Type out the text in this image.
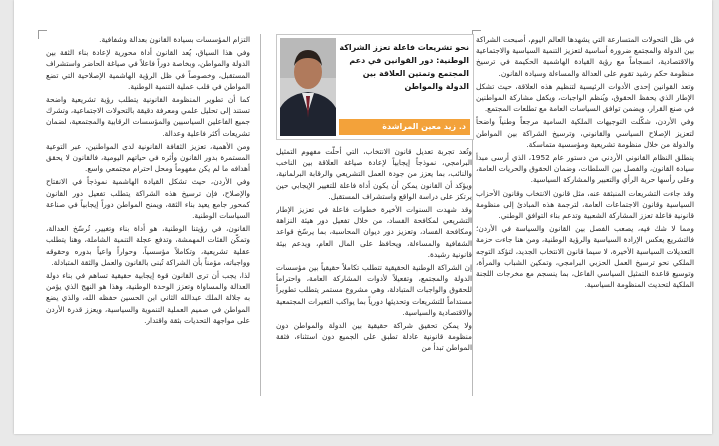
في ظل التحولات المتسارعة التي يشهدها العالم اليوم، أصبحت الشراكة بين الدولة والمجتمع ضرورة أساسية لتعزيز التنمية السياسية والاجتماعية والاقتصادية، انسجاماً مع رؤية القيادة الهاشمية الحكيمة في ترسيخ منظومة حكم رشيد تقوم على العدالة والمساءلة وسيادة القانون.

وتعد القوانين إحدى الأدوات الرئيسية لتنظيم هذه العلاقة، حيث تشكل الإطار الذي يحفظ الحقوق، ويُنظم الواجبات، ويكفل مشاركة المواطنين في صنع القرار، ويضمن توافق السياسات العامة مع تطلعات المجتمع.

وفي الأردن، شكّلت التوجيهات الملكية السامية مرجعاً وطنياً واضحاً لتعزيز الإصلاح السياسي والقانوني، وترسيخ الشراكة بين المواطن والدولة من خلال منظومة تشريعية ومؤسسية متماسكة.

ينطلق النظام القانوني الأردني من دستور عام 1952، الذي أرسى مبدأ سيادة القانون، والفصل بين السلطات، وضمان الحقوق والحريات العامة، وعلى رأسها حرية الرأي والتعبير والمشاركة السياسية.

وقد جاءت التشريعات المنبثقة عنه، مثل قانون الانتخاب وقانون الأحزاب السياسية وقانون الاجتماعات العامة، لترجمة هذه المبادئ إلى منظومة قانونية فاعلة تعزز المشاركة الشعبية وتدعم بناء التوافق الوطني.

ومما لا شك فيه، يصعب الفصل بين القانون والسياسة في الأردن؛ فالتشريع يعكس الإرادة السياسية والرؤية الوطنية، ومن هنا جاءت حزمة التعديلات السياسية الأخيرة، لا سيما قانون الانتخاب الجديد، لتؤكد التوجه الملكي نحو ترسيخ العمل الحزبي البرامجي، وتمكين الشباب والمرأة، وتوسيع قاعدة التمثيل السياسي الفاعل، بما ينسجم مع مخرجات اللجنة الملكية لتحديث المنظومة السياسية.

نحو تشريعات فاعلة تعزز الشراكة الوطنية: دور القوانين في دعم المجتمع وتمتين العلاقة بين الدولة والمواطن
د. زيد معين المراشدة

وتُعد تجربة تعديل قانون الانتخاب، التي أحلّت مفهوم التمثيل البرامجي، نموذجاً إيجابياً لإعادة صياغة العلاقة بين الناخب والنائب، بما يعزز من جودة العمل التشريعي والرقابة البرلمانية، ويؤكد أن القانون يمكن أن يكون أداة فاعلة للتغيير الإيجابي حين يرتكز على دراسة الواقع واستشراف المستقبل.

وقد شهدت السنوات الأخيرة خطوات فاعلة في تعزيز الإطار التشريعي لمكافحة الفساد، من خلال تفعيل دور هيئة النزاهة ومكافحة الفساد، وتعزيز دور ديوان المحاسبة، بما يرسّخ قواعد الشفافية والمساءلة، ويحافظ على المال العام، ويدعم بيئة قانونية رشيدة.

إن الشراكة الوطنية الحقيقية تتطلب تكاملاً حقيقياً بين مؤسسات الدولة والمجتمع، وتفعيلاً لأدوات المشاركة العامة، واحتراماً للحقوق والواجبات المتبادلة، وهي مشروع مستمر يتطلب تطويراً مستداماً للتشريعات وتحديثها دورياً بما يواكب التغيرات المجتمعية والاقتصادية والسياسية.

ولا يمكن تحقيق شراكة حقيقية بين الدولة والمواطن دون منظومة قانونية عادلة تطبق على الجميع دون استثناء، فثقة المواطن تبدأ من

التزام المؤسسات بسيادة القانون بعدالة وشفافية.

وفي هذا السياق، يُعد القانون أداة محورية لإعادة بناء الثقة بين الدولة والمواطن، وبخاصة دوراً فاعلاً في صياغة الحاضر واستشراف المستقبل، وخصوصاً في ظل الرؤية الهاشمية الإصلاحية التي تضع المواطن في قلب عملية التنمية الوطنية.

كما أن تطوير المنظومة القانونية يتطلب رؤية تشريعية واضحة تستند إلى تحليل علمي ومعرفة دقيقة بالتحولات الاجتماعية، وتشرك جميع الفاعلين السياسيين والمؤسسات الرقابية والمجتمعية، لضمان تشريعات أكثر فاعلية وعدالة.

ومن الأهمية، تعزيز الثقافة القانونية لدى المواطنين، عبر التوعية المستمرة بدور القانون وأثره في حياتهم اليومية، فالقانون لا يحقق أهدافه ما لم يكن مفهوماً ومحل احترام مجتمعي واسع.

وفي الأردن، حيث تشكل القيادة الهاشمية نموذجاً في الانفتاح والإصلاح، فإن ترسيخ هذه الشراكة يتطلب تفعيل دور القانون كمحور جامع يعيد بناء الثقة، ويمنح المواطن دوراً إيجابياً في صناعة السياسات الوطنية.

القانون، في رؤيتنا الوطنية، هو أداة بناء وتغيير، تُرسّخ العدالة، وتمكّن الفئات المهمشة، وتدفع عجلة التنمية الشاملة، وهنا يتطلب عقلية تشريعية، وتكاملاً مؤسسياً، وحواراً واعياً بدوره وحقوقه وواجباته، مؤمناً بأن الشراكة تُبنى بالقانون والعمل والثقة المتبادلة.

لذا، يجب أن ترى القانون قوة إيجابية حقيقية تساهم في بناء دولة العدالة والمساواة وتعزز الوحدة الوطنية، وهذا هو النهج الذي يؤمن به جلالة الملك عبدالله الثاني ابن الحسين حفظه الله، والذي يضع المواطن في صميم العملية التنموية والسياسية، ويعزز قدرة الأردن على مواجهة التحديات بثقة واقتدار.
